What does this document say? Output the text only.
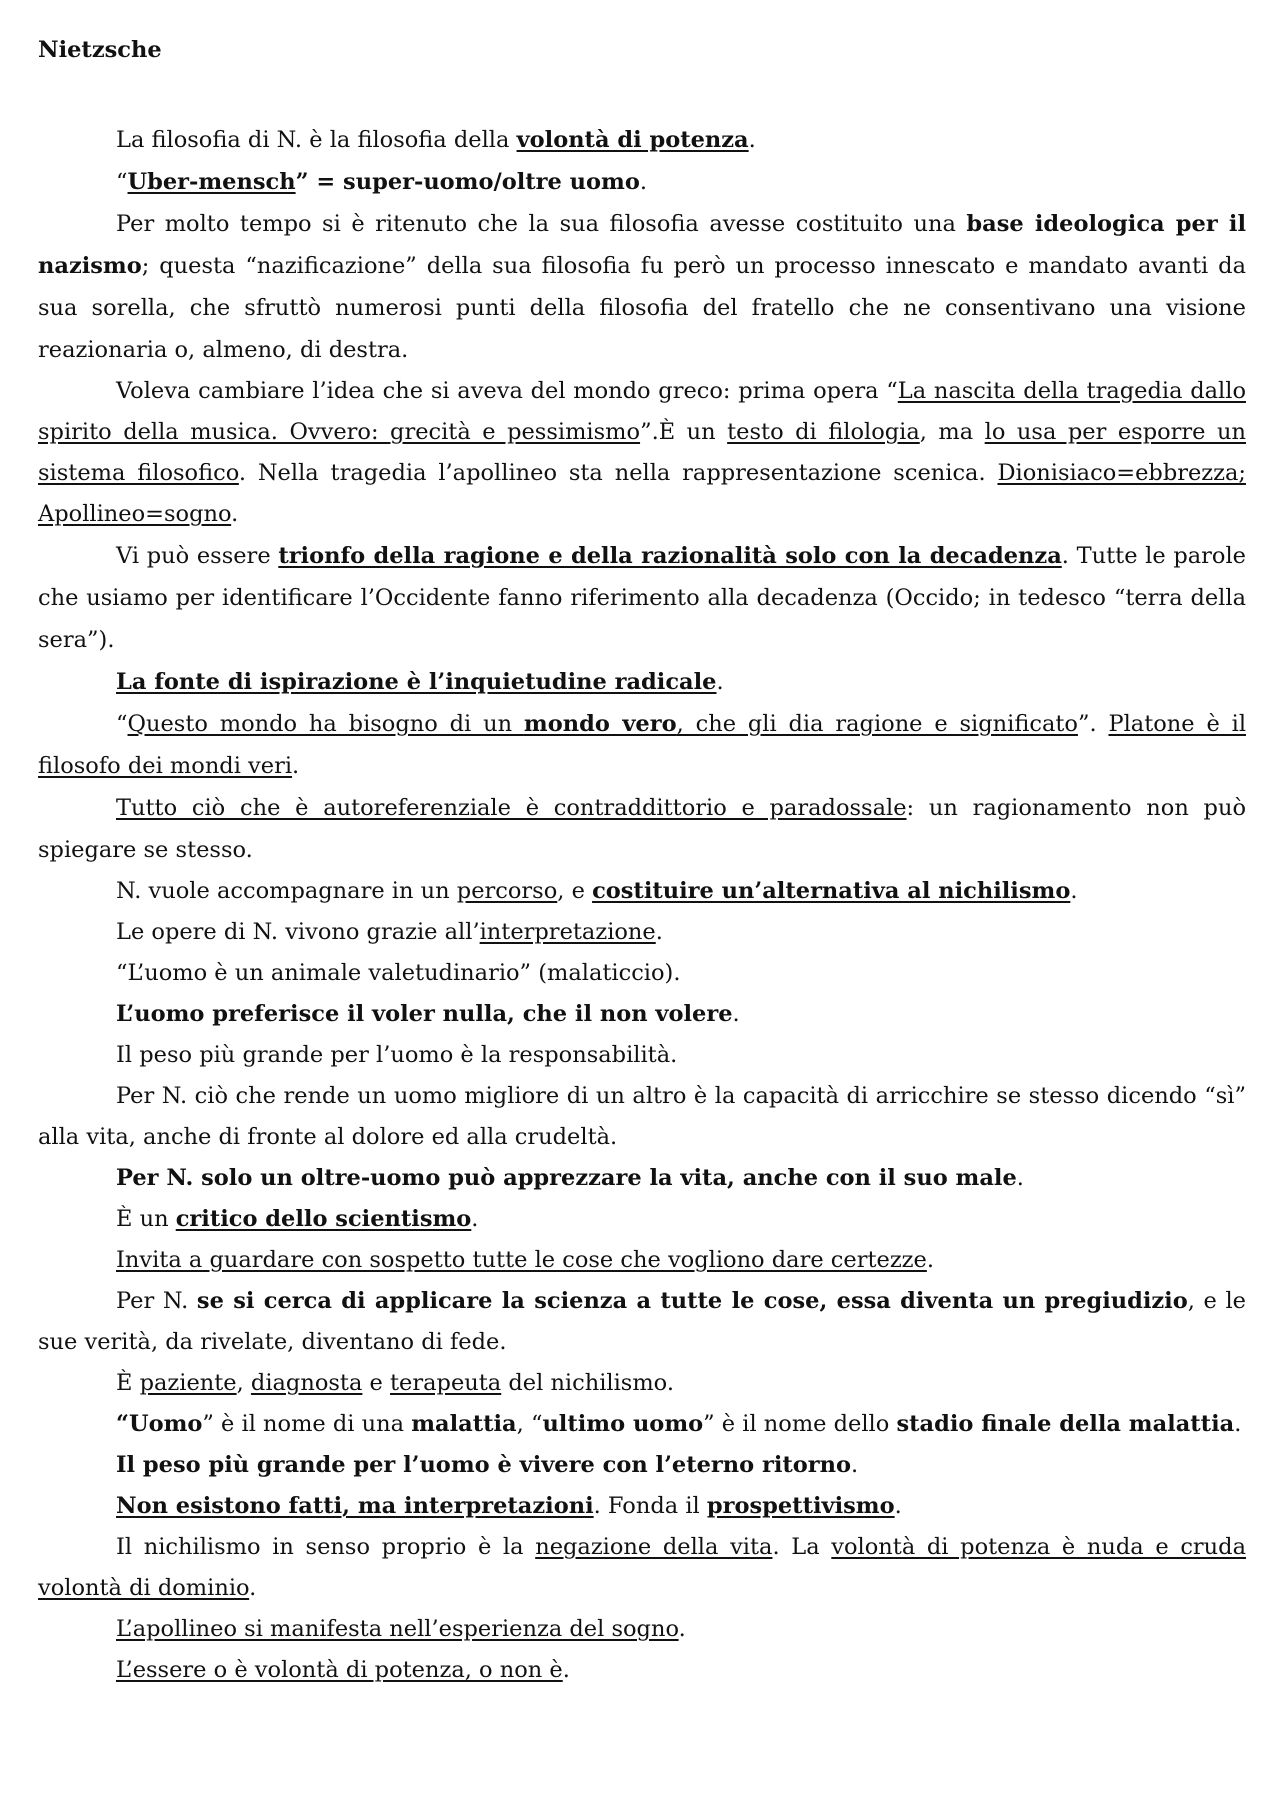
Nietzsche

La filosofia di N. è la filosofia della volontà di potenza.

“Uber-mensch” = super-uomo/oltre uomo.

Per molto tempo si è ritenuto che la sua filosofia avesse costituito una base ideologica per il nazismo; questa “nazificazione” della sua filosofia fu però un processo innescato e mandato avanti da sua sorella, che sfruttò numerosi punti della filosofia del fratello che ne consentivano una visione reazionaria o, almeno, di destra.

Voleva cambiare l’idea che si aveva del mondo greco: prima opera “La nascita della tragedia dallo spirito della musica. Ovvero: grecità e pessimismo”.È un testo di filologia, ma lo usa per esporre un sistema filosofico. Nella tragedia l’apollineo sta nella rappresentazione scenica. Dionisiaco=ebbrezza; Apollineo=sogno.

Vi può essere trionfo della ragione e della razionalità solo con la decadenza. Tutte le parole che usiamo per identificare l’Occidente fanno riferimento alla decadenza (Occido; in tedesco “terra della sera”).

La fonte di ispirazione è l’inquietudine radicale.

“Questo mondo ha bisogno di un mondo vero, che gli dia ragione e significato”. Platone è il filosofo dei mondi veri.

Tutto ciò che è autoreferenziale è contraddittorio e paradossale: un ragionamento non può spiegare se stesso.

N. vuole accompagnare in un percorso, e costituire un’alternativa al nichilismo.

Le opere di N. vivono grazie all’interpretazione.

“L’uomo è un animale valetudinario” (malaticcio).

L’uomo preferisce il voler nulla, che il non volere.

Il peso più grande per l’uomo è la responsabilità.

Per N. ciò che rende un uomo migliore di un altro è la capacità di arricchire se stesso dicendo “sì” alla vita, anche di fronte al dolore ed alla crudeltà.

Per N. solo un oltre-uomo può apprezzare la vita, anche con il suo male.

È un critico dello scientismo.

Invita a guardare con sospetto tutte le cose che vogliono dare certezze.

Per N. se si cerca di applicare la scienza a tutte le cose, essa diventa un pregiudizio, e le sue verità, da rivelate, diventano di fede.

È paziente, diagnosta e terapeuta del nichilismo.

“Uomo” è il nome di una malattia, “ultimo uomo” è il nome dello stadio finale della malattia.

Il peso più grande per l’uomo è vivere con l’eterno ritorno.

Non esistono fatti, ma interpretazioni. Fonda il prospettivismo.

Il nichilismo in senso proprio è la negazione della vita. La volontà di potenza è nuda e cruda volontà di dominio.

L’apollineo si manifesta nell’esperienza del sogno.

L’essere o è volontà di potenza, o non è.
